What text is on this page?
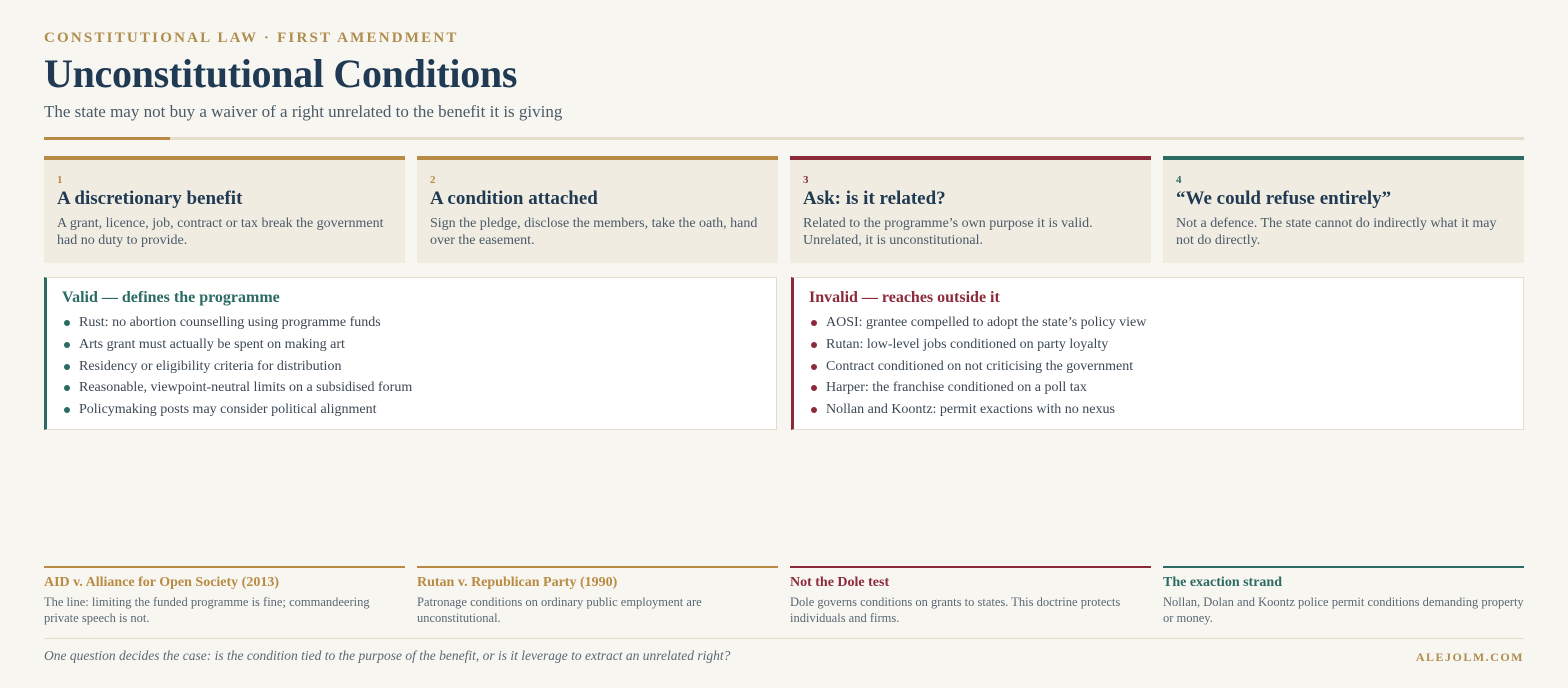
CONSTITUTIONAL LAW · FIRST AMENDMENT
Unconstitutional Conditions
The state may not buy a waiver of a right unrelated to the benefit it is giving
1
A discretionary benefit
A grant, licence, job, contract or tax break the government had no duty to provide.
2
A condition attached
Sign the pledge, disclose the members, take the oath, hand over the easement.
3
Ask: is it related?
Related to the programme’s own purpose it is valid. Unrelated, it is unconstitutional.
4
“We could refuse entirely”
Not a defence. The state cannot do indirectly what it may not do directly.
Valid — defines the programme
Rust: no abortion counselling using programme funds
Arts grant must actually be spent on making art
Residency or eligibility criteria for distribution
Reasonable, viewpoint-neutral limits on a subsidised forum
Policymaking posts may consider political alignment
Invalid — reaches outside it
AOSI: grantee compelled to adopt the state’s policy view
Rutan: low-level jobs conditioned on party loyalty
Contract conditioned on not criticising the government
Harper: the franchise conditioned on a poll tax
Nollan and Koontz: permit exactions with no nexus
AID v. Alliance for Open Society (2013)
The line: limiting the funded programme is fine; commandeering private speech is not.
Rutan v. Republican Party (1990)
Patronage conditions on ordinary public employment are unconstitutional.
Not the Dole test
Dole governs conditions on grants to states. This doctrine protects individuals and firms.
The exaction strand
Nollan, Dolan and Koontz police permit conditions demanding property or money.
One question decides the case: is the condition tied to the purpose of the benefit, or is it leverage to extract an unrelated right?	ALEJOLM.COM
